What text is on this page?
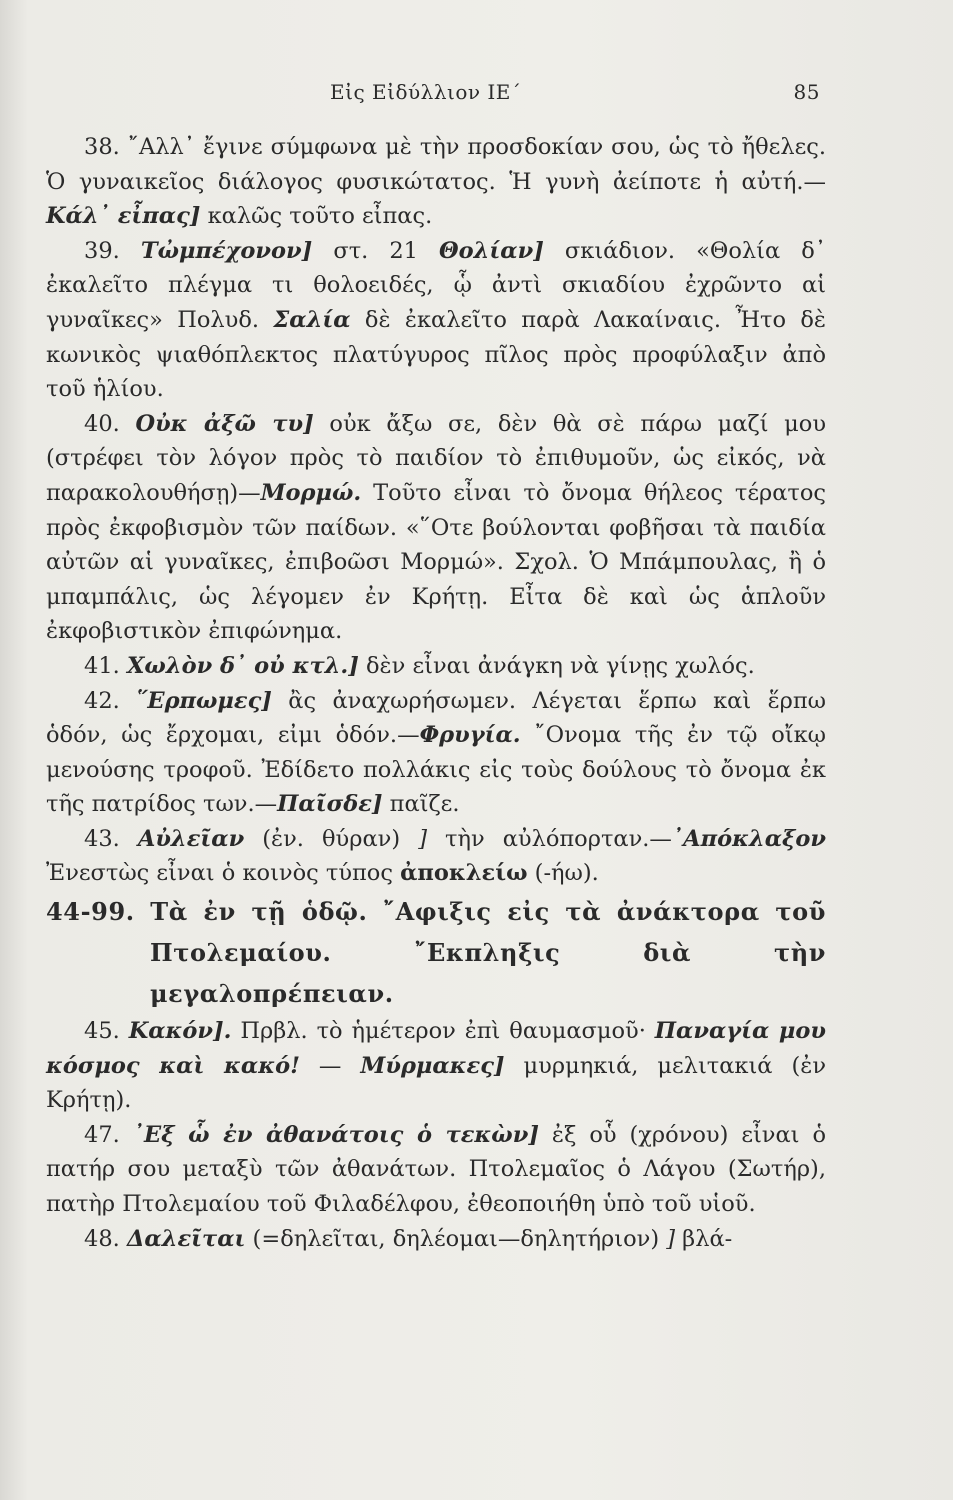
Εἰς Εἰδύλλιον ΙΕ΄	85

38. ῎Αλλ᾽ ἔγινε σύμφωνα μὲ τὴν προσδοκίαν σου, ὡς τὸ ἤθελες. Ὁ γυναικεῖος διάλογος φυσικώτατος. Ἡ γυνὴ ἀείποτε ἡ αὐτή.—Κάλ᾽ εἶπας] καλῶς τοῦτο εἶπας.

39. Τὠμπέχονον] στ. 21 Θολίαν] σκιάδιον. «Θολία δ᾽ ἐκαλεῖτο πλέγμα τι θολοειδές, ᾧ ἀντὶ σκιαδίου ἐχρῶντο αἱ γυναῖκες» Πολυδ. Σαλία δὲ ἐκαλεῖτο παρὰ Λακαίναις. Ἦτο δὲ κωνικὸς ψιαθόπλεκτος πλατύγυρος πῖλος πρὸς προφύλαξιν ἀπὸ τοῦ ἡλίου.

40. Οὐκ ἀξῶ τυ] οὐκ ἄξω σε, δὲν θὰ σὲ πάρω μαζί μου (στρέφει τὸν λόγον πρὸς τὸ παιδίον τὸ ἐπιθυμοῦν, ὡς εἰκός, νὰ παρακολουθήσῃ)—Μορμώ. Τοῦτο εἶναι τὸ ὄνομα θήλεος τέρατος πρὸς ἐκφοβισμὸν τῶν παίδων. «῞Οτε βούλονται φοβῆσαι τὰ παιδία αὐτῶν αἱ γυναῖκες, ἐπιβοῶσι Μορμώ». Σχολ. Ὁ Μπάμπουλας, ἢ ὁ μπαμπάλις, ὡς λέγομεν ἐν Κρήτῃ. Εἶτα δὲ καὶ ὡς ἁπλοῦν ἐκφοβιστικὸν ἐπιφώνημα.

41. Χωλὸν δ᾽ οὐ κτλ.] δὲν εἶναι ἀνάγκη νὰ γίνῃς χωλός.

42. ῞Ερπωμες] ἂς ἀναχωρήσωμεν. Λέγεται ἕρπω καὶ ἕρπω ὁδόν, ὡς ἔρχομαι, εἰμι ὁδόν.—Φρυγία. ῎Ονομα τῆς ἐν τῷ οἴκῳ μενούσης τροφοῦ. Ἐδίδετο πολλάκις εἰς τοὺς δούλους τὸ ὄνομα ἐκ τῆς πατρίδος των.—Παῖσδε] παῖζε.

43. Αὐλεῖαν (ἐν. θύραν) ] τὴν αὐλόπορταν.—᾽Απόκλαξον Ἐνεστὼς εἶναι ὁ κοινὸς τύπος ἀποκλείω (-ήω).

44-99. Τὰ ἐν τῇ ὁδῷ. ῎Αφιξις εἰς τὰ ἀνάκτορα τοῦ Πτολεμαίου. ῎Εκπληξις διὰ τὴν μεγαλοπρέπειαν.

45. Κακόν]. Πρβλ. τὸ ἡμέτερον ἐπὶ θαυμασμοῦ· Παναγία μου κόσμος καὶ κακό! — Μύρμακες] μυρμηκιά, μελιτακιά (ἐν Κρήτῃ).

47. ᾽Εξ ὧ ἐν ἀθανάτοις ὁ τεκὼν] ἐξ οὗ (χρόνου) εἶναι ὁ πατήρ σου μεταξὺ τῶν ἀθανάτων. Πτολεμαῖος ὁ Λάγου (Σωτήρ), πατὴρ Πτολεμαίου τοῦ Φιλαδέλφου, ἐθεοποιήθη ὑπὸ τοῦ υἱοῦ.

48. Δαλεῖται (=δηλεῖται, δηλέομαι—δηλητήριον) ] βλά-
